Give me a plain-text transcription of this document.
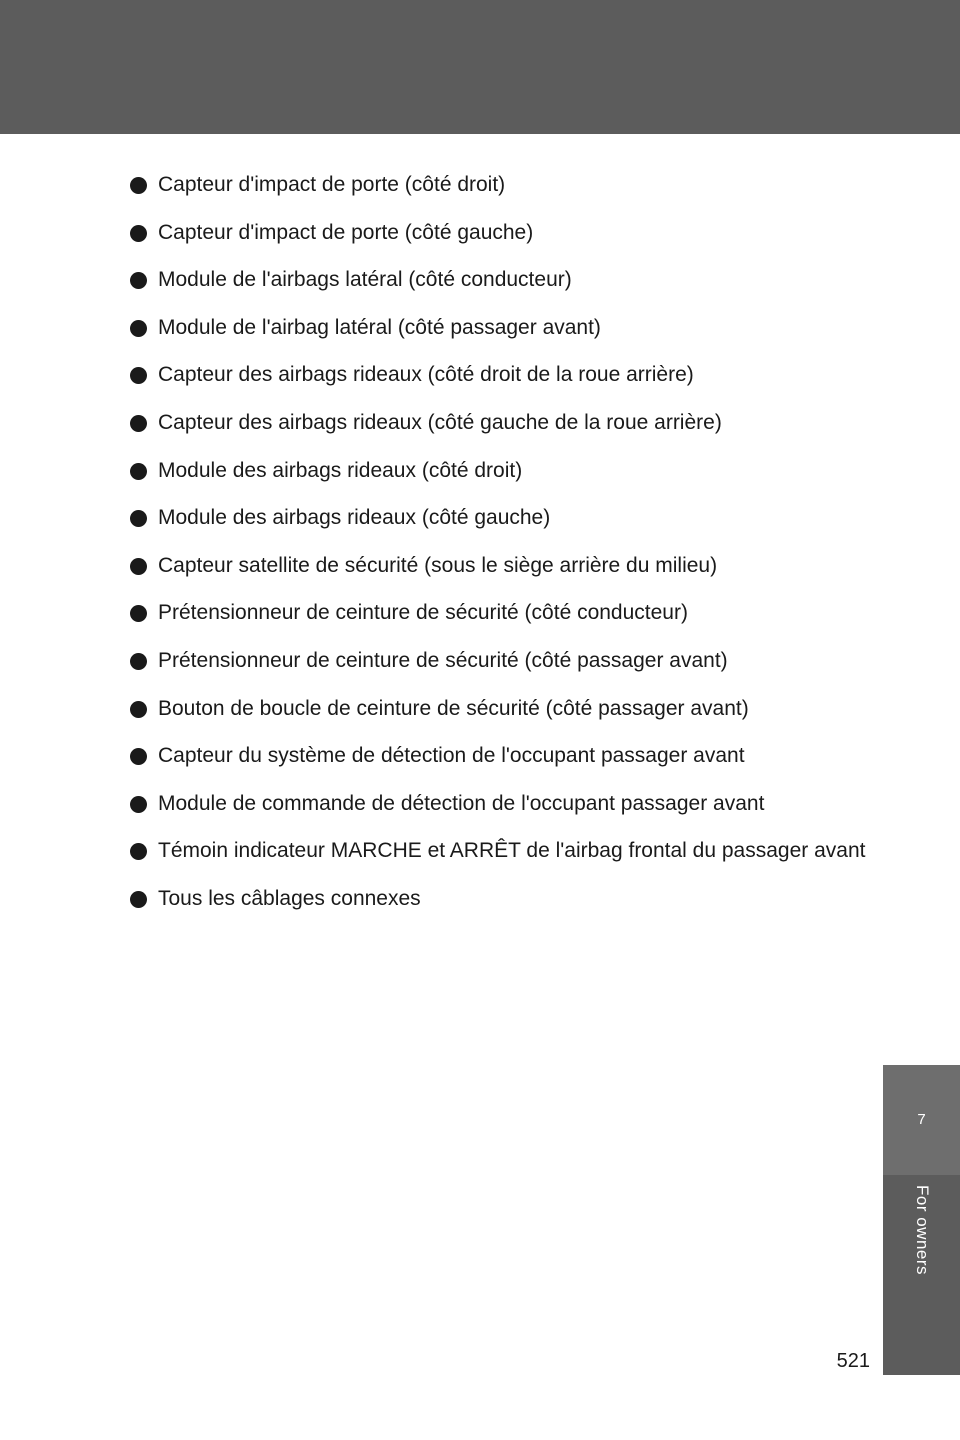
Capteur d'impact de porte (côté droit)
Capteur d'impact de porte (côté gauche)
Module de l'airbags latéral (côté conducteur)
Module de l'airbag latéral (côté passager avant)
Capteur des airbags rideaux (côté droit de la roue arrière)
Capteur des airbags rideaux (côté gauche de la roue arrière)
Module des airbags rideaux (côté droit)
Module des airbags rideaux (côté gauche)
Capteur satellite de sécurité (sous le siège arrière du milieu)
Prétensionneur de ceinture de sécurité (côté conducteur)
Prétensionneur de ceinture de sécurité (côté passager avant)
Bouton de boucle de ceinture de sécurité (côté passager avant)
Capteur du système de détection de l'occupant passager avant
Module de commande de détection de l'occupant passager avant
Témoin indicateur MARCHE et ARRÊT de l'airbag frontal du passager avant
Tous les câblages connexes
7
For owners
521
